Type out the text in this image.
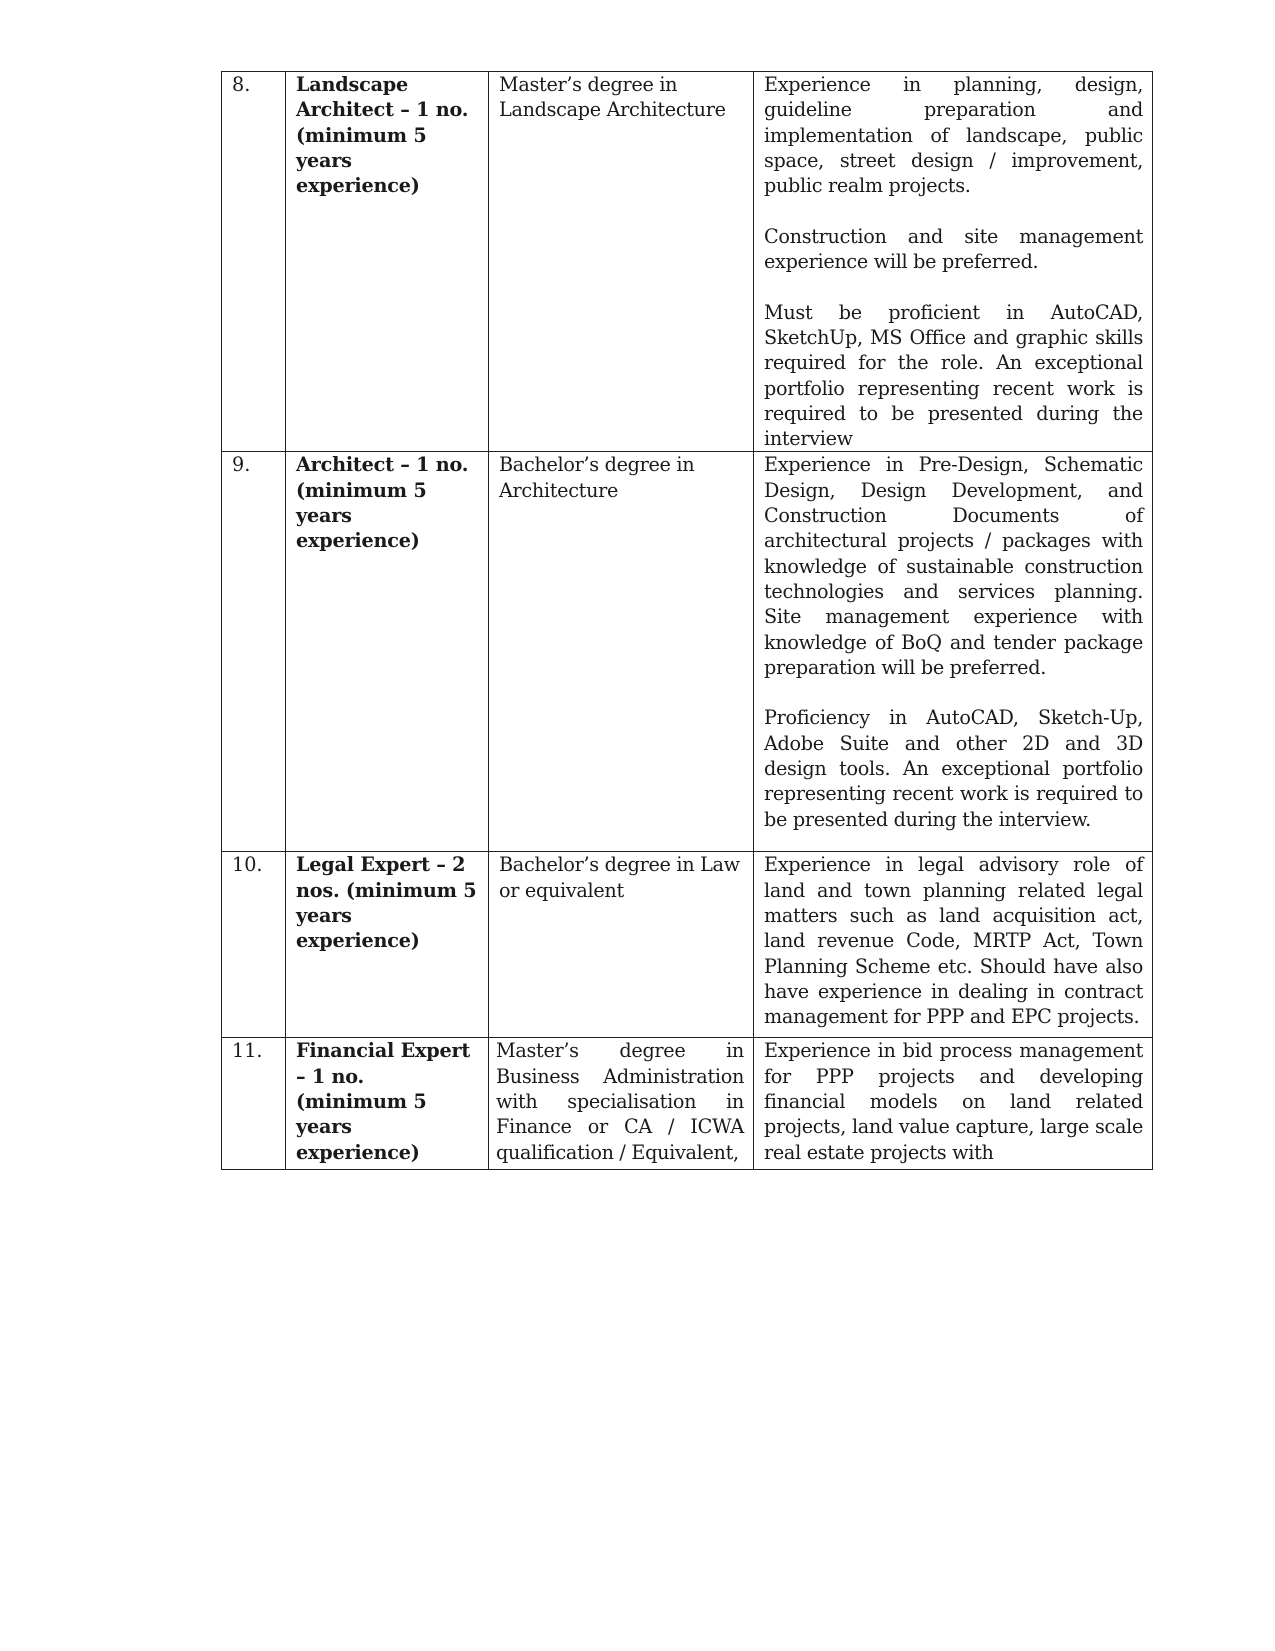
8.	Landscape Architect – 1 no. (minimum 5 years experience)	Master’s degree in Landscape Architecture	Experience in planning, design, guideline preparation and implementation of landscape, public space, street design / improvement, public realm projects.

Construction and site management experience will be preferred.

Must be proficient in AutoCAD, SketchUp, MS Office and graphic skills required for the role. An exceptional portfolio representing recent work is required to be presented during the interview

9.	Architect – 1 no. (minimum 5 years experience)	Bachelor’s degree in Architecture	Experience in Pre-Design, Schematic Design, Design Development, and Construction Documents of architectural projects / packages with knowledge of sustainable construction technologies and services planning. Site management experience with knowledge of BoQ and tender package preparation will be preferred.

Proficiency in AutoCAD, Sketch-Up, Adobe Suite and other 2D and 3D design tools. An exceptional portfolio representing recent work is required to be presented during the interview.

10.	Legal Expert – 2 nos. (minimum 5 years experience)	Bachelor’s degree in Law or equivalent	Experience in legal advisory role of land and town planning related legal matters such as land acquisition act, land revenue Code, MRTP Act, Town Planning Scheme etc. Should have also have experience in dealing in contract management for PPP and EPC projects.

11.	Financial Expert – 1 no. (minimum 5 years experience)	Master’s degree in Business Administration with specialisation in Finance or CA / ICWA qualification / Equivalent,	Experience in bid process management for PPP projects and developing financial models on land related projects, land value capture, large scale real estate projects with
